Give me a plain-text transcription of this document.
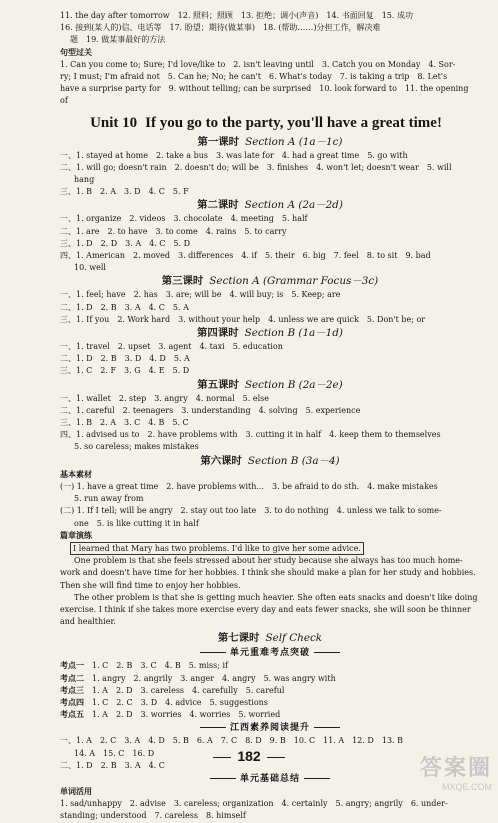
11. the day after tomorrow　12. 照料；照顾　13. 拒绝；调小(声音)　14. 书面回复　15. 成功
16. 接到(某人的)信、电话等　17. 盼望；期待(做某事)　18. (帮助……)分担工作，解决难
题　19. 做某事最好的方法
句型过关
1. Can you come to; Sure; I'd love/like to　2. isn't leaving until　3. Catch you on Monday　4. Sor-
ry; I must; I'm afraid not　5. Can he; No; he can't　6. What's today　7. is taking a trip　8. Let's
have a surprise party for　9. without telling; can be surprised　10. look forward to　11. the opening
of
Unit 10 If you go to the party, you'll have a great time!
第一课时 Section A (1a－1c)
一、1. stayed at home　2. take a bus　3. was late for　4. had a great time　5. go with
二、1. will go; doesn't rain　2. doesn't do; will be　3. finishes　4. won't let; doesn't wear　5. will
hang
三、1. B　2. A　3. D　4. C　5. F
第二课时 Section A (2a－2d)
一、1. organize　2. videos　3. chocolate　4. meeting　5. half
二、1. are　2. to have　3. to come　4. rains　5. to carry
三、1. D　2. D　3. A　4. C　5. D
四、1. American　2. moved　3. differences　4. if　5. their　6. big　7. feel　8. to sit　9. bad
10. well
第三课时 Section A (Grammar Focus－3c)
一、1. feel; have　2. has　3. are; will be　4. will buy; is　5. Keep; are
二、1. D　2. B　3. A　4. C　5. A
三、1. If you　2. Work hard　3. without your help　4. unless we are quick　5. Don't be; or
第四课时 Section B (1a－1d)
一、1. travel　2. upset　3. agent　4. taxi　5. education
二、1. D　2. B　3. D　4. D　5. A
三、1. C　2. F　3. G　4. E　5. D
第五课时 Section B (2a－2e)
一、1. wallet　2. step　3. angry　4. normal　5. else
二、1. careful　2. teenagers　3. understanding　4. solving　5. experience
三、1. B　2. A　3. C　4. B　5. C
四、1. advised us to　2. have problems with　3. cutting it in half　4. keep them to themselves
5. so careless; makes mistakes
第六课时 Section B (3a－4)
基本素材
(一) 1. have a great time　2. have problems with...　3. be afraid to do sth.　4. make mistakes
5. run away from
(二) 1. If I tell; will be angry　2. stay out too late　3. to do nothing　4. unless we talk to some-
one　5. is like cutting it in half
篇章演练
I learned that Mary has two problems. I'd like to give her some advice.
One problem is that she feels stressed about her study because she always has too much home-work and doesn't have time for her hobbies. I think she should make a plan for her study and hobbies. Then she will find time to enjoy her hobbies.
The other problem is that she is getting much heavier. She often eats snacks and doesn't like doing exercise. I think if she takes more exercise every day and eats fewer snacks, she will soon be thinner and healthier.
第七课时 Self Check
单元重难考点突破
考点一　 1. C　2. B　3. C　4. B　5. miss; if
考点二　 1. angry　2. angrily　3. anger　4. angry　5. was angry with
考点三　 1. A　2. D　3. careless　4. carefully　5. careful
考点四　 1. C　2. C　3. D　4. advice　5. suggestions
考点五　 1. A　2. D　3. worries　4. worries　5. worried
江西素养阅读提升
一、1. A　2. C　3. A　4. D　5. B　6. A　7. C　8. D　9. B　10. C　11. A　12. D　13. B
14. A　15. C　16. D
二、1. D　2. B　3. A　4. C
单元基础总结
单词活用
1. sad/unhappy　2. advise　3. careless; organization　4. certainly　5. angry; angrily　6. under-
standing; understood　7. careless　8. himself
182	答案圈
MXQE.COM
